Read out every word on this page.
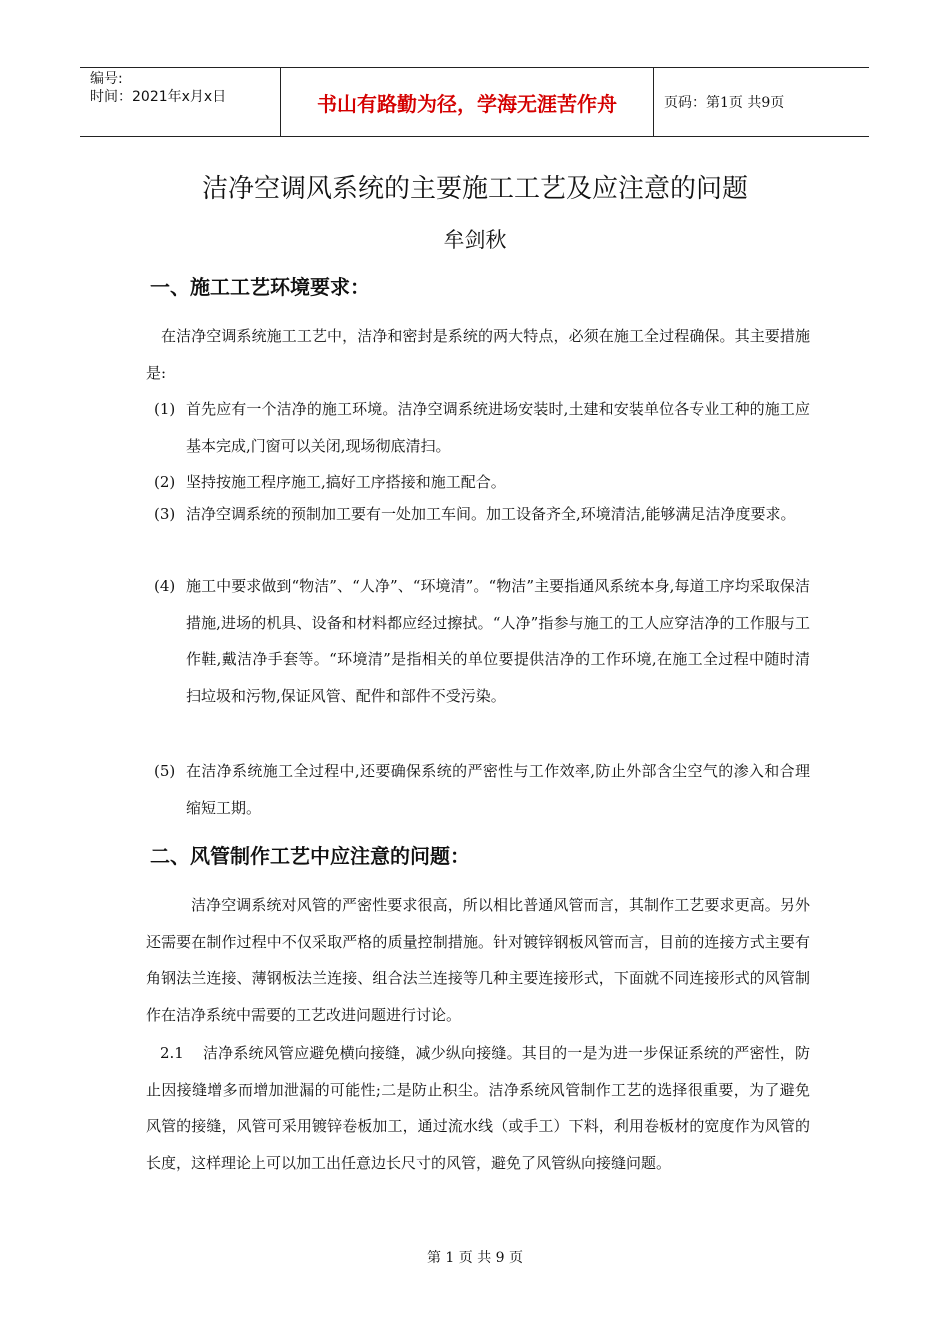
编号:
时间：2021年x月x日	书山有路勤为径，学海无涯苦作舟	页码：第1页 共9页
洁净空调风系统的主要施工工艺及应注意的问题
牟剑秋
一、施工工艺环境要求：
在洁净空调系统施工工艺中，洁净和密封是系统的两大特点，必须在施工全过程确保。其主要措施是:
(1) 首先应有一个洁净的施工环境。洁净空调系统进场安装时,土建和安装单位各专业工种的施工应基本完成,门窗可以关闭,现场彻底清扫。
(2) 坚持按施工程序施工,搞好工序搭接和施工配合。
(3) 洁净空调系统的预制加工要有一处加工车间。加工设备齐全,环境清洁,能够满足洁净度要求。
(4) 施工中要求做到“物洁”、“人净”、“环境清”。“物洁”主要指通风系统本身,每道工序均采取保洁措施,进场的机具、设备和材料都应经过擦拭。“人净”指参与施工的工人应穿洁净的工作服与工作鞋,戴洁净手套等。“环境清”是指相关的单位要提供洁净的工作环境,在施工全过程中随时清扫垃圾和污物,保证风管、配件和部件不受污染。
(5) 在洁净系统施工全过程中,还要确保系统的严密性与工作效率,防止外部含尘空气的渗入和合理缩短工期。
二、风管制作工艺中应注意的问题：
洁净空调系统对风管的严密性要求很高，所以相比普通风管而言，其制作工艺要求更高。另外还需要在制作过程中不仅采取严格的质量控制措施。针对镀锌钢板风管而言，目前的连接方式主要有角钢法兰连接、薄钢板法兰连接、组合法兰连接等几种主要连接形式，下面就不同连接形式的风管制作在洁净系统中需要的工艺改进问题进行讨论。
2.1	洁净系统风管应避免横向接缝，减少纵向接缝。其目的一是为进一步保证系统的严密性，防止因接缝增多而增加泄漏的可能性;二是防止积尘。洁净系统风管制作工艺的选择很重要，为了避免风管的接缝，风管可采用镀锌卷板加工，通过流水线（或手工）下料，利用卷板材的宽度作为风管的长度，这样理论上可以加工出任意边长尺寸的风管，避免了风管纵向接缝问题。
第 1 页 共 9 页
